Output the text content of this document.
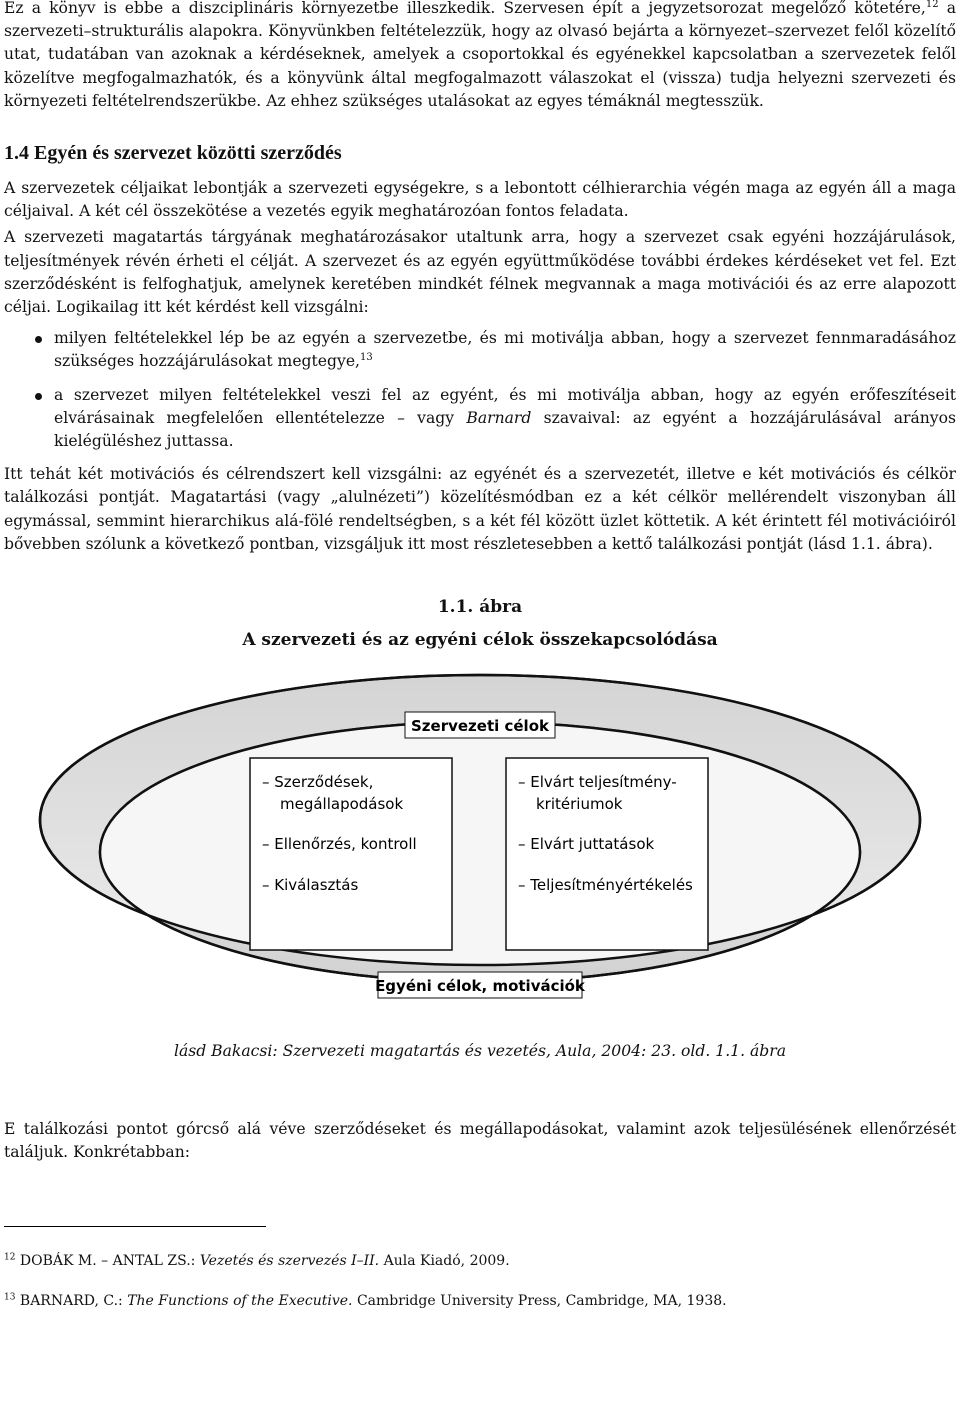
Ez a könyv is ebbe a diszciplináris környezetbe illeszkedik. Szervesen épít a jegyzetsorozat megelőző kötetére,$^{12}$ a szervezeti–strukturális alapokra. Könyvünkben feltételezzük, hogy az olvasó bejárta a környezet–szervezet felől közelítő utat, tudatában van azoknak a kérdéseknek, amelyek a csoportokkal és egyénekkel kapcsolatban a szervezetek felől közelítve megfogalmazhatók, és a könyvünk által megfogalmazott válaszokat el (vissza) tudja helyezni szervezeti és környezeti feltételrendszerükbe. Az ehhez szükséges utalásokat az egyes témáknál megtesszük.

1.4 Egyén és szervezet közötti szerződés

A szervezetek céljaikat lebontják a szervezeti egységekre, s a lebontott célhierarchia végén maga az egyén áll a maga céljaival. A két cél összekötése a vezetés egyik meghatározóan fontos feladata.

A szervezeti magatartás tárgyának meghatározásakor utaltunk arra, hogy a szervezet csak egyéni hozzájárulások, teljesítmények révén érheti el célját. A szervezet és az egyén együttműködése további érdekes kérdéseket vet fel. Ezt szerződésként is felfoghatjuk, amelynek keretében mindkét félnek megvannak a maga motivációi és az erre alapozott céljai. Logikailag itt két kérdést kell vizsgálni:

milyen feltételekkel lép be az egyén a szervezetbe, és mi motiválja abban, hogy a szervezet fennmaradásához szükséges hozzájárulásokat megtegye,$^{13}$
a szervezet milyen feltételekkel veszi fel az egyént, és mi motiválja abban, hogy az egyén erőfeszítéseit elvárásainak megfelelően ellentételezze – vagy Barnard szavaival: az egyént a hozzájárulásával arányos kielégüléshez juttassa.

Itt tehát két motivációs és célrendszert kell vizsgálni: az egyénét és a szervezetét, illetve e két motivációs és célkör találkozási pontját. Magatartási (vagy „alulnézeti”) közelítésmódban ez a két célkör mellérendelt viszonyban áll egymással, semmint hierarchikus alá-fölé rendeltségben, s a két fél között üzlet köttetik. A két érintett fél motivációiról bővebben szólunk a következő pontban, vizsgáljuk itt most részletesebben a kettő találkozási pontját (lásd 1.1. ábra).

1.1. ábra
A szervezeti és az egyéni célok összekapcsolódása
Szervezeti célok
– Szerződések,
megállapodások
– Ellenőrzés, kontroll
– Kiválasztás
– Elvárt teljesítmény-
kritériumok
– Elvárt juttatások
– Teljesítményértékelés
Egyéni célok, motivációk
lásd Bakacsi: Szervezeti magatartás és vezetés, Aula, 2004: 23. old. 1.1. ábra

E találkozási pontot górcső alá véve szerződéseket és megállapodásokat, valamint azok teljesülésének ellenőrzését találjuk. Konkrétabban:

$^{12}$ DOBÁK M. – ANTAL ZS.: Vezetés és szervezés I–II. Aula Kiadó, 2009.
$^{13}$ BARNARD, C.: The Functions of the Executive. Cambridge University Press, Cambridge, MA, 1938.
